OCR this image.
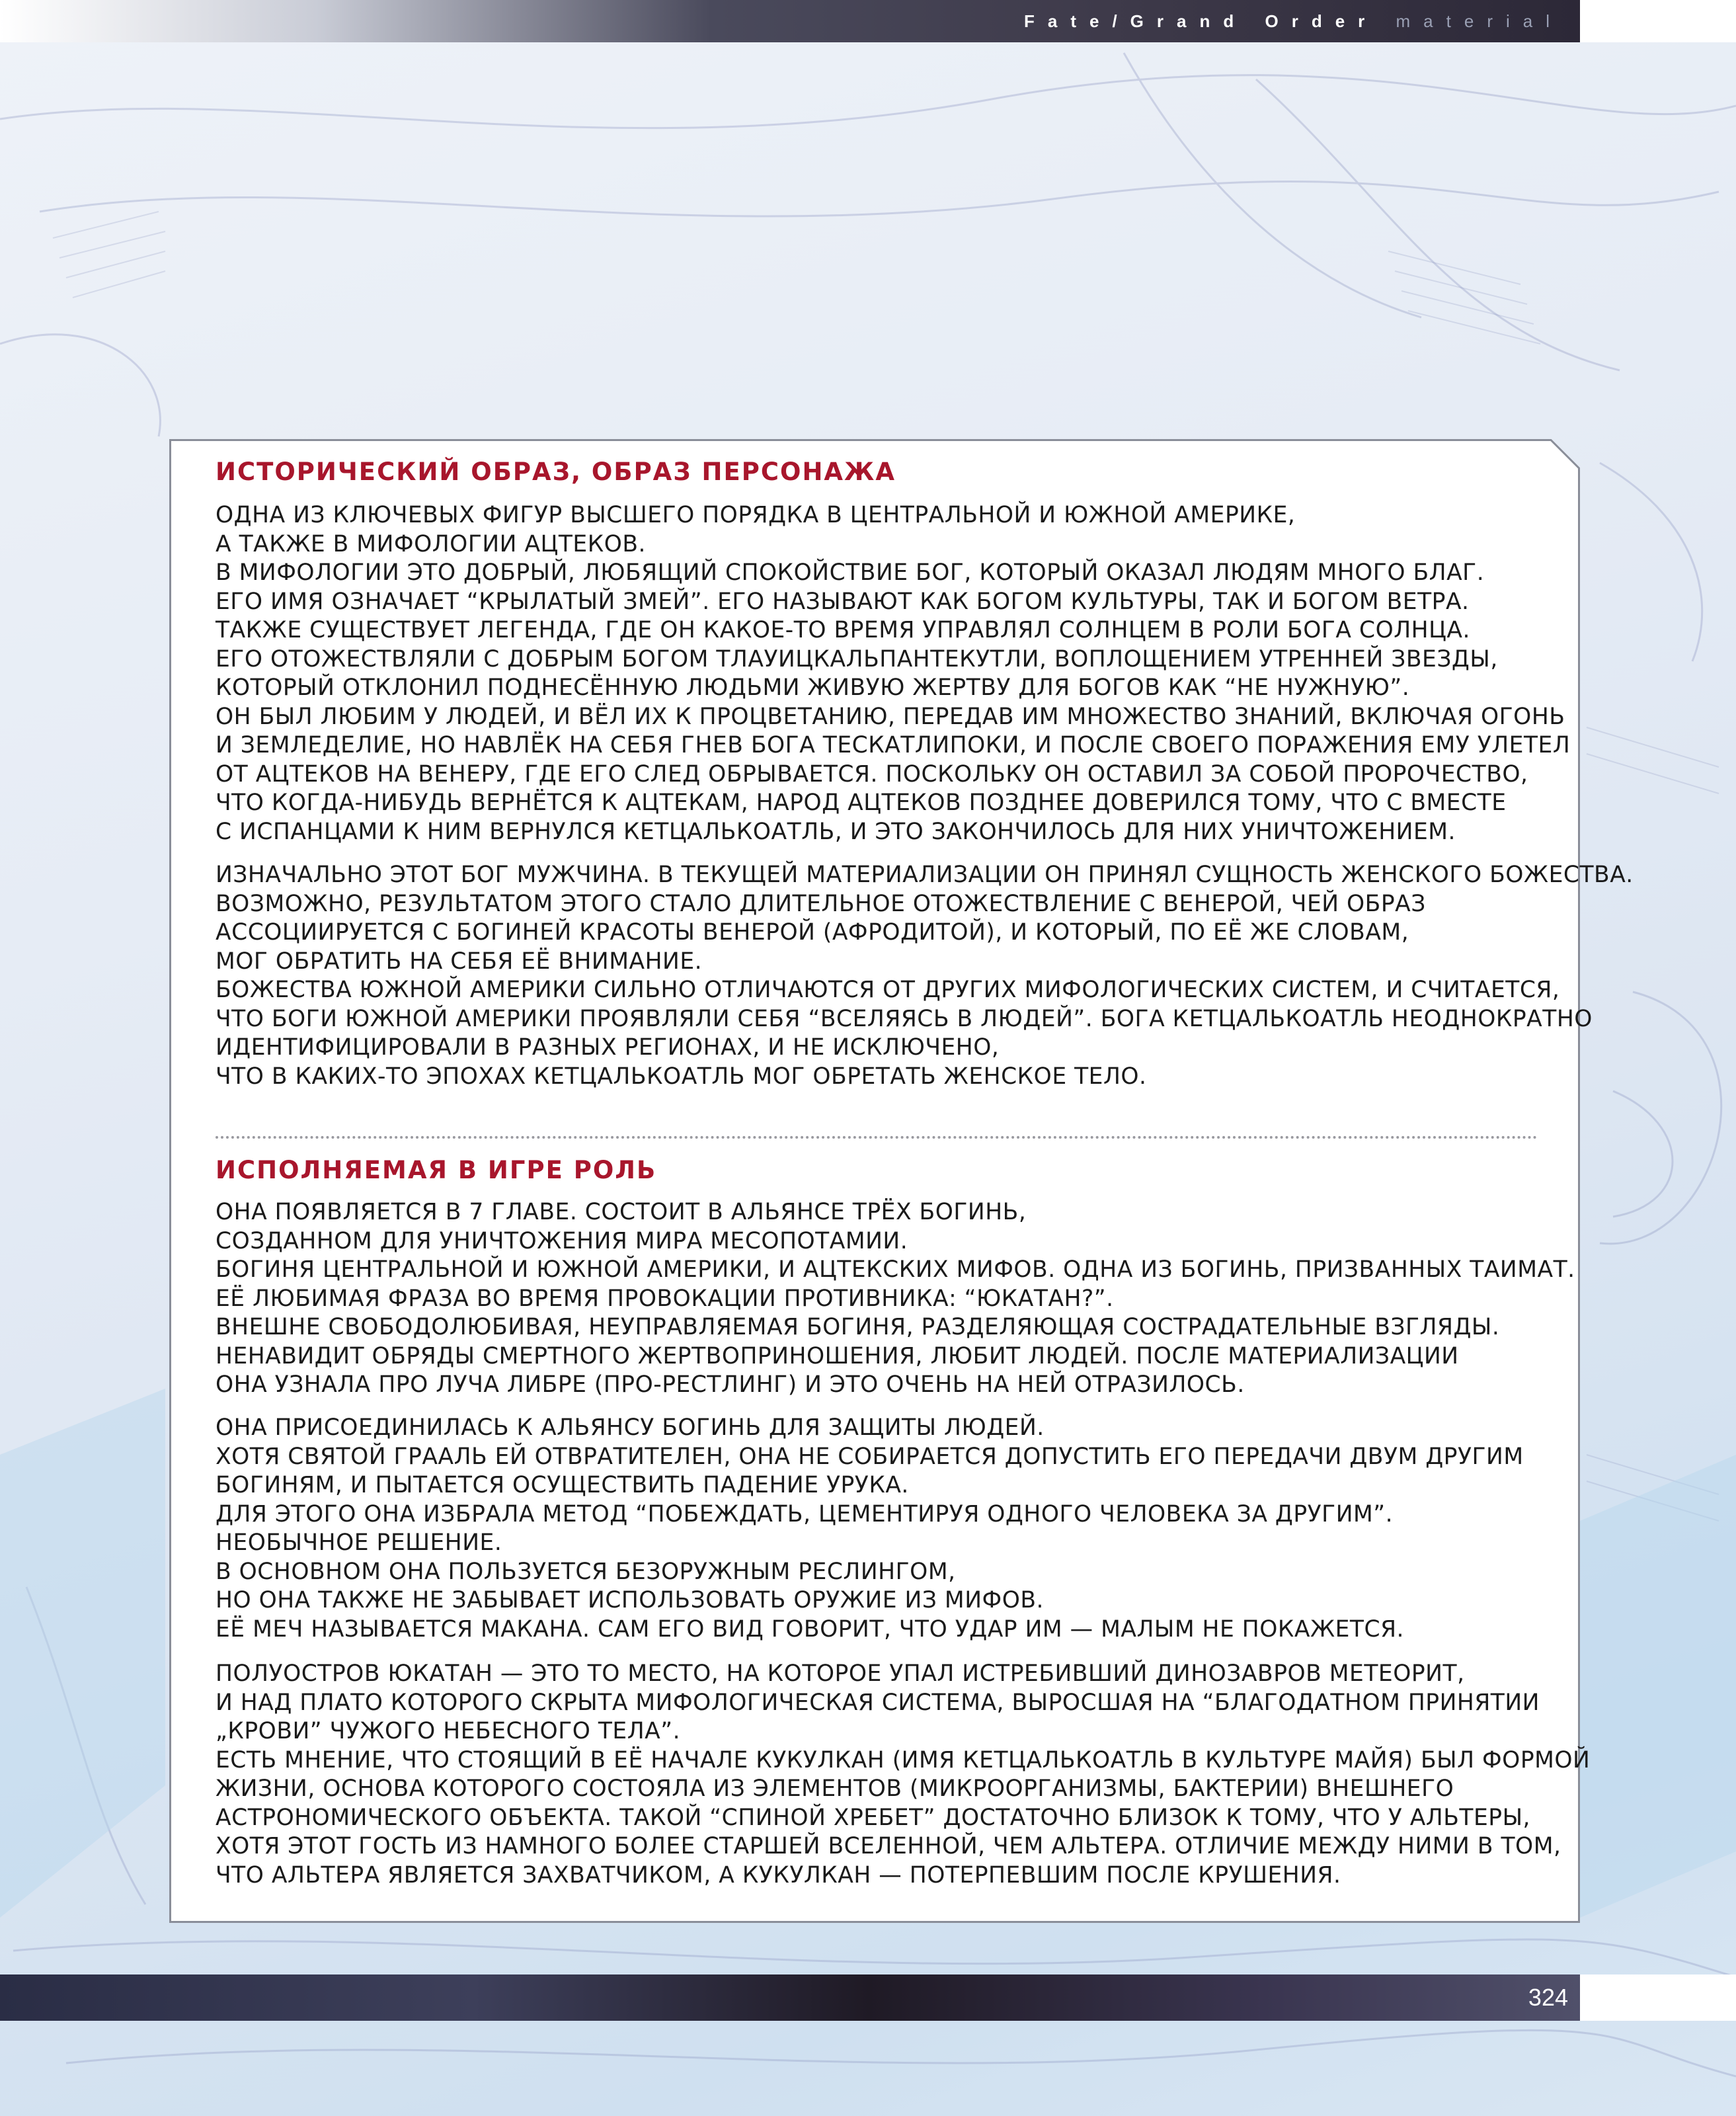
Fate/Grand Order material
ИСТОРИЧЕСКИЙ ОБРАЗ, ОБРАЗ ПЕРСОНАЖА
ОДНА ИЗ КЛЮЧЕВЫХ ФИГУР ВЫСШЕГО ПОРЯДКА В ЦЕНТРАЛЬНОЙ И ЮЖНОЙ АМЕРИКЕ,
А ТАКЖЕ В МИФОЛОГИИ АЦТЕКОВ.
В МИФОЛОГИИ ЭТО ДОБРЫЙ, ЛЮБЯЩИЙ СПОКОЙСТВИЕ БОГ, КОТОРЫЙ ОКАЗАЛ ЛЮДЯМ МНОГО БЛАГ.
ЕГО ИМЯ ОЗНАЧАЕТ “КРЫЛАТЫЙ ЗМЕЙ”. ЕГО НАЗЫВАЮТ КАК БОГОМ КУЛЬТУРЫ, ТАК И БОГОМ ВЕТРА.
ТАКЖЕ СУЩЕСТВУЕТ ЛЕГЕНДА, ГДЕ ОН КАКОЕ-ТО ВРЕМЯ УПРАВЛЯЛ СОЛНЦЕМ В РОЛИ БОГА СОЛНЦА.
ЕГО ОТОЖЕСТВЛЯЛИ С ДОБРЫМ БОГОМ ТЛАУИЦКАЛЬПАНТЕКУТЛИ, ВОПЛОЩЕНИЕМ УТРЕННЕЙ ЗВЕЗДЫ,
КОТОРЫЙ ОТКЛОНИЛ ПОДНЕСЁННУЮ ЛЮДЬМИ ЖИВУЮ ЖЕРТВУ ДЛЯ БОГОВ КАК “НЕ НУЖНУЮ”.
ОН БЫЛ ЛЮБИМ У ЛЮДЕЙ, И ВЁЛ ИХ К ПРОЦВЕТАНИЮ, ПЕРЕДАВ ИМ МНОЖЕСТВО ЗНАНИЙ, ВКЛЮЧАЯ ОГОНЬ
И ЗЕМЛЕДЕЛИЕ, НО НАВЛЁК НА СЕБЯ ГНЕВ БОГА ТЕСКАТЛИПОКИ, И ПОСЛЕ СВОЕГО ПОРАЖЕНИЯ ЕМУ УЛЕТЕЛ
ОТ АЦТЕКОВ НА ВЕНЕРУ, ГДЕ ЕГО СЛЕД ОБРЫВАЕТСЯ. ПОСКОЛЬКУ ОН ОСТАВИЛ ЗА СОБОЙ ПРОРОЧЕСТВО,
ЧТО КОГДА-НИБУДЬ ВЕРНЁТСЯ К АЦТЕКАМ, НАРОД АЦТЕКОВ ПОЗДНЕЕ ДОВЕРИЛСЯ ТОМУ, ЧТО С ВМЕСТЕ
С ИСПАНЦАМИ К НИМ ВЕРНУЛСЯ КЕТЦАЛЬКОАТЛЬ, И ЭТО ЗАКОНЧИЛОСЬ ДЛЯ НИХ УНИЧТОЖЕНИЕМ.
ИЗНАЧАЛЬНО ЭТОТ БОГ МУЖЧИНА. В ТЕКУЩЕЙ МАТЕРИАЛИЗАЦИИ ОН ПРИНЯЛ СУЩНОСТЬ ЖЕНСКОГО БОЖЕСТВА.
ВОЗМОЖНО, РЕЗУЛЬТАТОМ ЭТОГО СТАЛО ДЛИТЕЛЬНОЕ ОТОЖЕСТВЛЕНИЕ С ВЕНЕРОЙ, ЧЕЙ ОБРАЗ
АССОЦИИРУЕТСЯ С БОГИНЕЙ КРАСОТЫ ВЕНЕРОЙ (АФРОДИТОЙ), И КОТОРЫЙ, ПО ЕЁ ЖЕ СЛОВАМ,
МОГ ОБРАТИТЬ НА СЕБЯ ЕЁ ВНИМАНИЕ.
БОЖЕСТВА ЮЖНОЙ АМЕРИКИ СИЛЬНО ОТЛИЧАЮТСЯ ОТ ДРУГИХ МИФОЛОГИЧЕСКИХ СИСТЕМ, И СЧИТАЕТСЯ,
ЧТО БОГИ ЮЖНОЙ АМЕРИКИ ПРОЯВЛЯЛИ СЕБЯ “ВСЕЛЯЯСЬ В ЛЮДЕЙ”. БОГА КЕТЦАЛЬКОАТЛЬ НЕОДНОКРАТНО
ИДЕНТИФИЦИРОВАЛИ В РАЗНЫХ РЕГИОНАХ, И НЕ ИСКЛЮЧЕНО,
ЧТО В КАКИХ-ТО ЭПОХАХ КЕТЦАЛЬКОАТЛЬ МОГ ОБРЕТАТЬ ЖЕНСКОЕ ТЕЛО.
ИСПОЛНЯЕМАЯ В ИГРЕ РОЛЬ
ОНА ПОЯВЛЯЕТСЯ В 7 ГЛАВЕ. СОСТОИТ В АЛЬЯНСЕ ТРЁХ БОГИНЬ,
СОЗДАННОМ ДЛЯ УНИЧТОЖЕНИЯ МИРА МЕСОПОТАМИИ.
БОГИНЯ ЦЕНТРАЛЬНОЙ И ЮЖНОЙ АМЕРИКИ, И АЦТЕКСКИХ МИФОВ. ОДНА ИЗ БОГИНЬ, ПРИЗВАННЫХ ТАИМАТ.
ЕЁ ЛЮБИМАЯ ФРАЗА ВО ВРЕМЯ ПРОВОКАЦИИ ПРОТИВНИКА: “ЮКАТАН?”.
ВНЕШНЕ СВОБОДОЛЮБИВАЯ, НЕУПРАВЛЯЕМАЯ БОГИНЯ, РАЗДЕЛЯЮЩАЯ СОСТРАДАТЕЛЬНЫЕ ВЗГЛЯДЫ.
НЕНАВИДИТ ОБРЯДЫ СМЕРТНОГО ЖЕРТВОПРИНОШЕНИЯ, ЛЮБИТ ЛЮДЕЙ. ПОСЛЕ МАТЕРИАЛИЗАЦИИ
ОНА УЗНАЛА ПРО ЛУЧА ЛИБРЕ (ПРО-РЕСТЛИНГ) И ЭТО ОЧЕНЬ НА НЕЙ ОТРАЗИЛОСЬ.
ОНА ПРИСОЕДИНИЛАСЬ К АЛЬЯНСУ БОГИНЬ ДЛЯ ЗАЩИТЫ ЛЮДЕЙ.
ХОТЯ СВЯТОЙ ГРААЛЬ ЕЙ ОТВРАТИТЕЛЕН, ОНА НЕ СОБИРАЕТСЯ ДОПУСТИТЬ ЕГО ПЕРЕДАЧИ ДВУМ ДРУГИМ
БОГИНЯМ, И ПЫТАЕТСЯ ОСУЩЕСТВИТЬ ПАДЕНИЕ УРУКА.
ДЛЯ ЭТОГО ОНА ИЗБРАЛА МЕТОД “ПОБЕЖДАТЬ, ЦЕМЕНТИРУЯ ОДНОГО ЧЕЛОВЕКА ЗА ДРУГИМ”.
НЕОБЫЧНОЕ РЕШЕНИЕ.
В ОСНОВНОМ ОНА ПОЛЬЗУЕТСЯ БЕЗОРУЖНЫМ РЕСЛИНГОМ,
НО ОНА ТАКЖЕ НЕ ЗАБЫВАЕТ ИСПОЛЬЗОВАТЬ ОРУЖИЕ ИЗ МИФОВ.
ЕЁ МЕЧ НАЗЫВАЕТСЯ МАКАНА. САМ ЕГО ВИД ГОВОРИТ, ЧТО УДАР ИМ — МАЛЫМ НЕ ПОКАЖЕТСЯ.
ПОЛУОСТРОВ ЮКАТАН — ЭТО ТО МЕСТО, НА КОТОРОЕ УПАЛ ИСТРЕБИВШИЙ ДИНОЗАВРОВ МЕТЕОРИТ,
И НАД ПЛАТО КОТОРОГО СКРЫТА МИФОЛОГИЧЕСКАЯ СИСТЕМА, ВЫРОСШАЯ НА “БЛАГОДАТНОМ ПРИНЯТИИ
„КРОВИ” ЧУЖОГО НЕБЕСНОГО ТЕЛА”.
ЕСТЬ МНЕНИЕ, ЧТО СТОЯЩИЙ В ЕЁ НАЧАЛЕ КУКУЛКАН (ИМЯ КЕТЦАЛЬКОАТЛЬ В КУЛЬТУРЕ МАЙЯ) БЫЛ ФОРМОЙ
ЖИЗНИ, ОСНОВА КОТОРОГО СОСТОЯЛА ИЗ ЭЛЕМЕНТОВ (МИКРООРГАНИЗМЫ, БАКТЕРИИ) ВНЕШНЕГО
АСТРОНОМИЧЕСКОГО ОБЪЕКТА. ТАКОЙ “СПИНОЙ ХРЕБЕТ” ДОСТАТОЧНО БЛИЗОК К ТОМУ, ЧТО У АЛЬТЕРЫ,
ХОТЯ ЭТОТ ГОСТЬ ИЗ НАМНОГО БОЛЕЕ СТАРШЕЙ ВСЕЛЕННОЙ, ЧЕМ АЛЬТЕРА. ОТЛИЧИЕ МЕЖДУ НИМИ В ТОМ,
ЧТО АЛЬТЕРА ЯВЛЯЕТСЯ ЗАХВАТЧИКОМ, А КУКУЛКАН — ПОТЕРПЕВШИМ ПОСЛЕ КРУШЕНИЯ.
324
